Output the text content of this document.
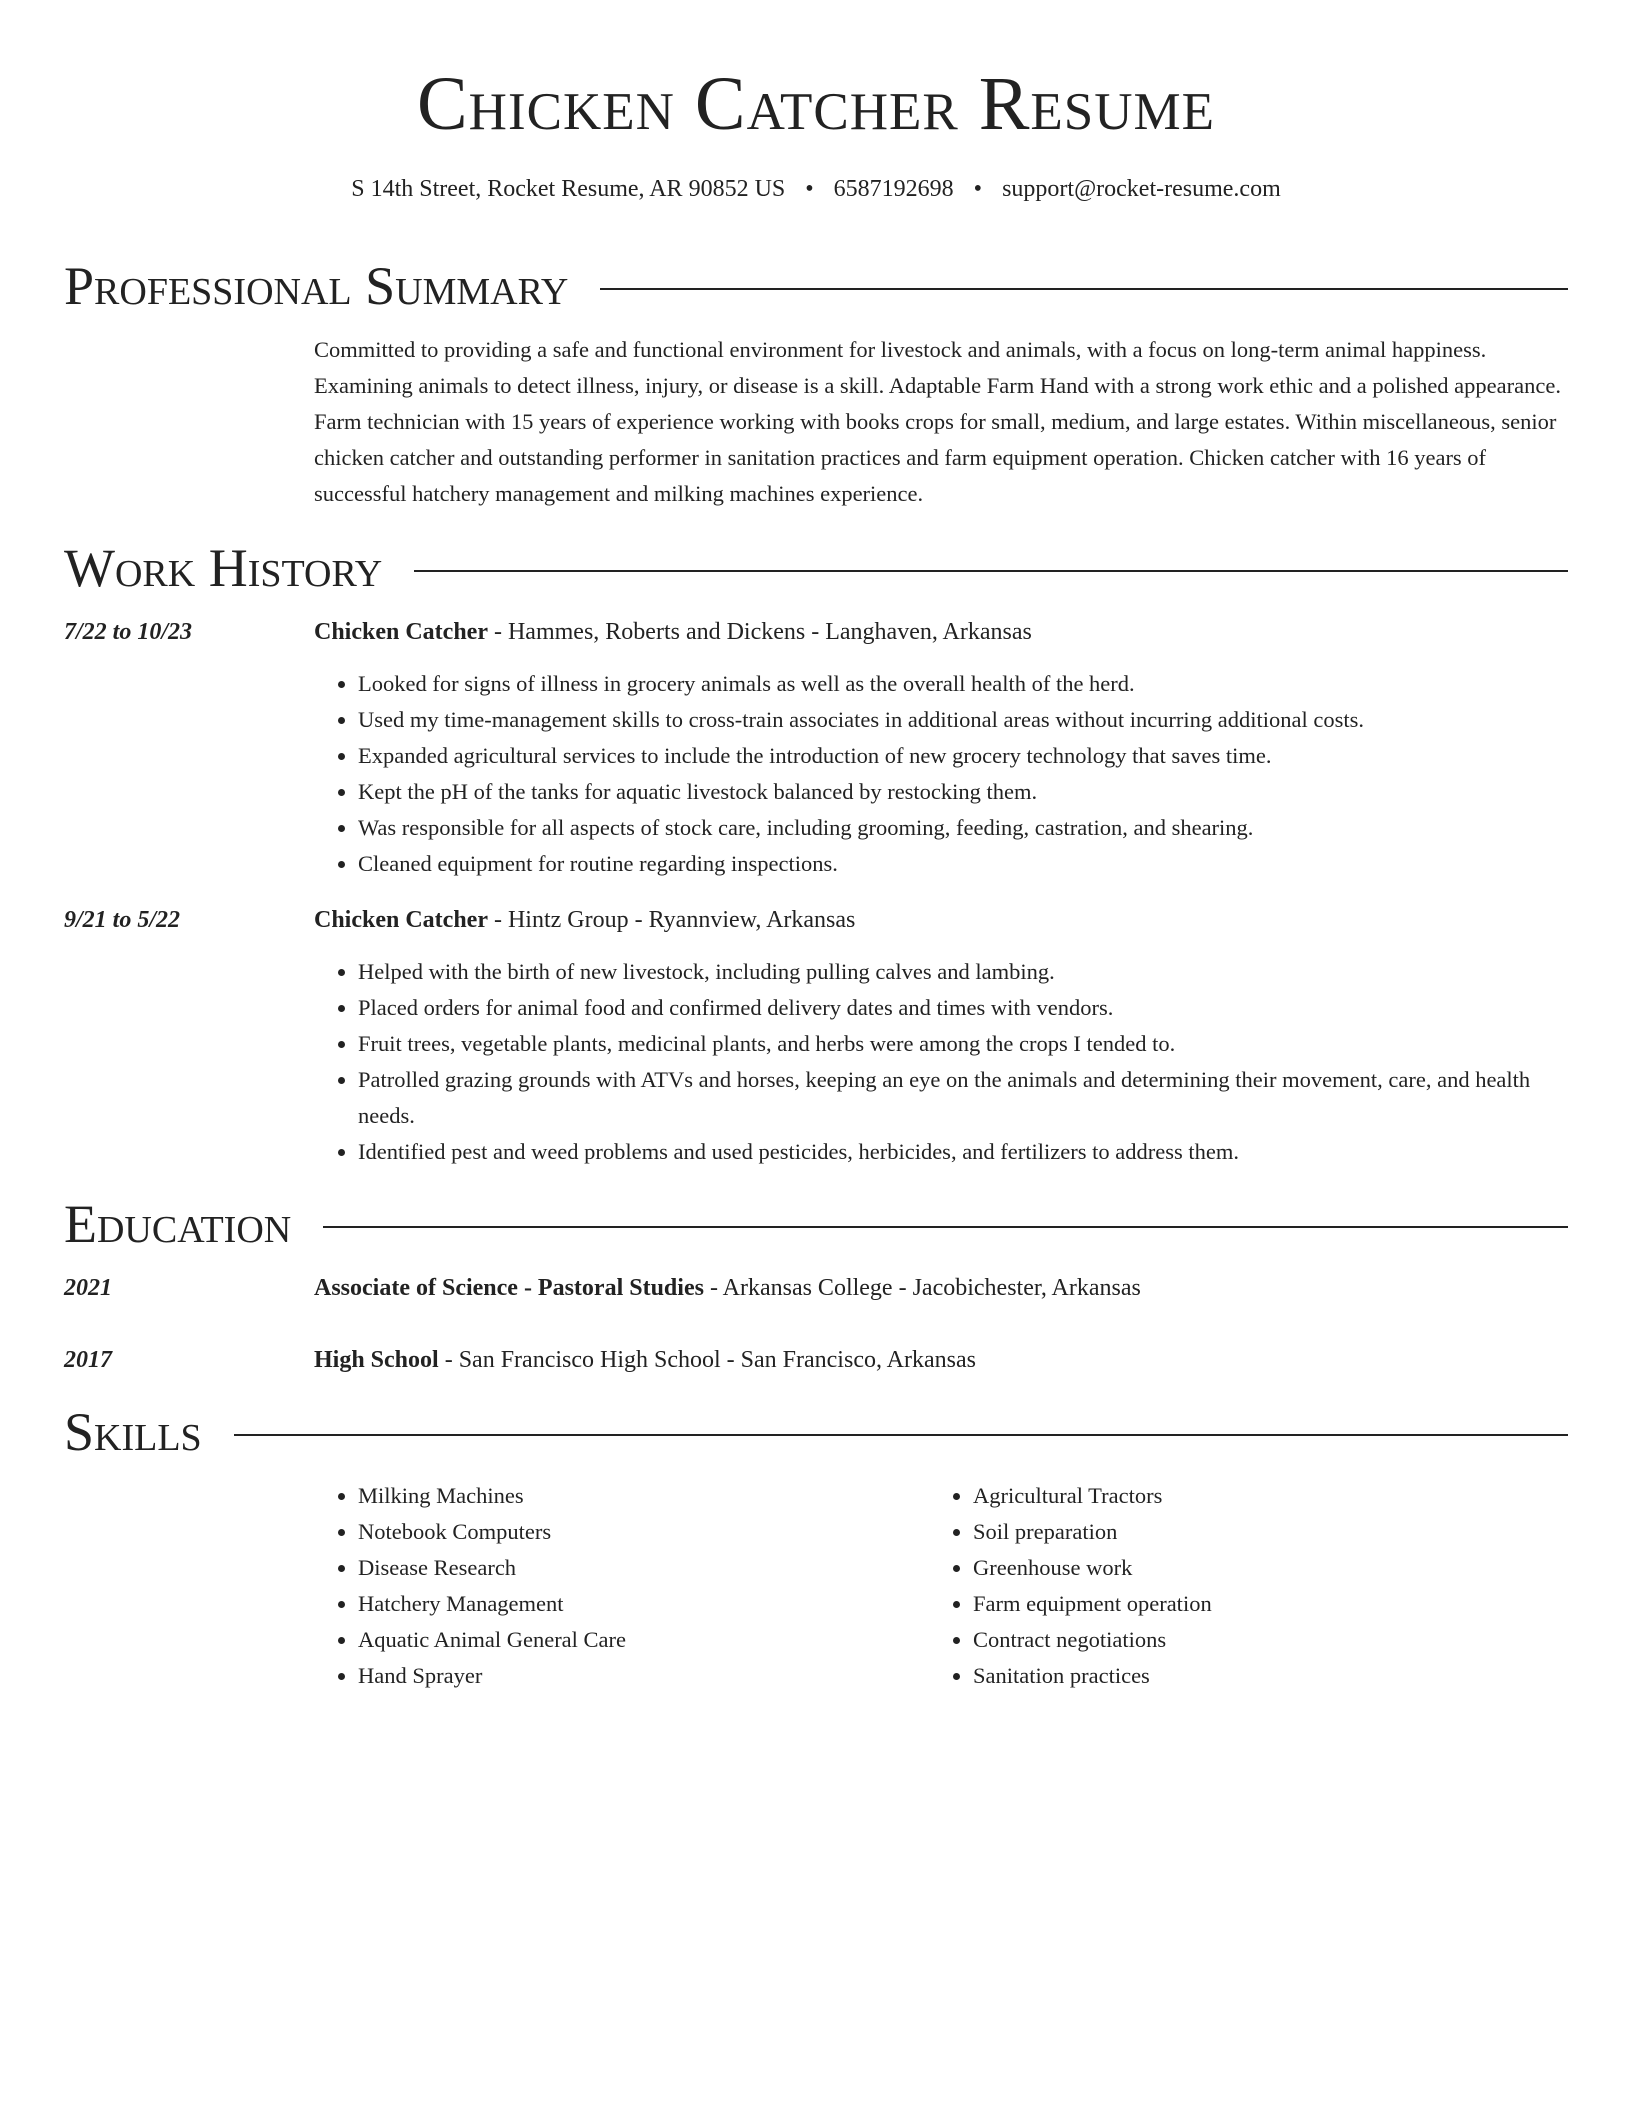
Chicken Catcher Resume
S 14th Street, Rocket Resume, AR 90852 US • 6587192698 • support@rocket-resume.com
Professional Summary
Committed to providing a safe and functional environment for livestock and animals, with a focus on long-term animal happiness. Examining animals to detect illness, injury, or disease is a skill. Adaptable Farm Hand with a strong work ethic and a polished appearance. Farm technician with 15 years of experience working with books crops for small, medium, and large estates. Within miscellaneous, senior chicken catcher and outstanding performer in sanitation practices and farm equipment operation. Chicken catcher with 16 years of successful hatchery management and milking machines experience.
Work History
7/22 to 10/23	Chicken Catcher - Hammes, Roberts and Dickens - Langhaven, Arkansas
• Looked for signs of illness in grocery animals as well as the overall health of the herd.
• Used my time-management skills to cross-train associates in additional areas without incurring additional costs.
• Expanded agricultural services to include the introduction of new grocery technology that saves time.
• Kept the pH of the tanks for aquatic livestock balanced by restocking them.
• Was responsible for all aspects of stock care, including grooming, feeding, castration, and shearing.
• Cleaned equipment for routine regarding inspections.
9/21 to 5/22	Chicken Catcher - Hintz Group - Ryannview, Arkansas
• Helped with the birth of new livestock, including pulling calves and lambing.
• Placed orders for animal food and confirmed delivery dates and times with vendors.
• Fruit trees, vegetable plants, medicinal plants, and herbs were among the crops I tended to.
• Patrolled grazing grounds with ATVs and horses, keeping an eye on the animals and determining their movement, care, and health needs.
• Identified pest and weed problems and used pesticides, herbicides, and fertilizers to address them.
Education
2021	Associate of Science - Pastoral Studies - Arkansas College - Jacobichester, Arkansas
2017	High School - San Francisco High School - San Francisco, Arkansas
Skills
• Milking Machines
• Notebook Computers
• Disease Research
• Hatchery Management
• Aquatic Animal General Care
• Hand Sprayer
• Agricultural Tractors
• Soil preparation
• Greenhouse work
• Farm equipment operation
• Contract negotiations
• Sanitation practices
